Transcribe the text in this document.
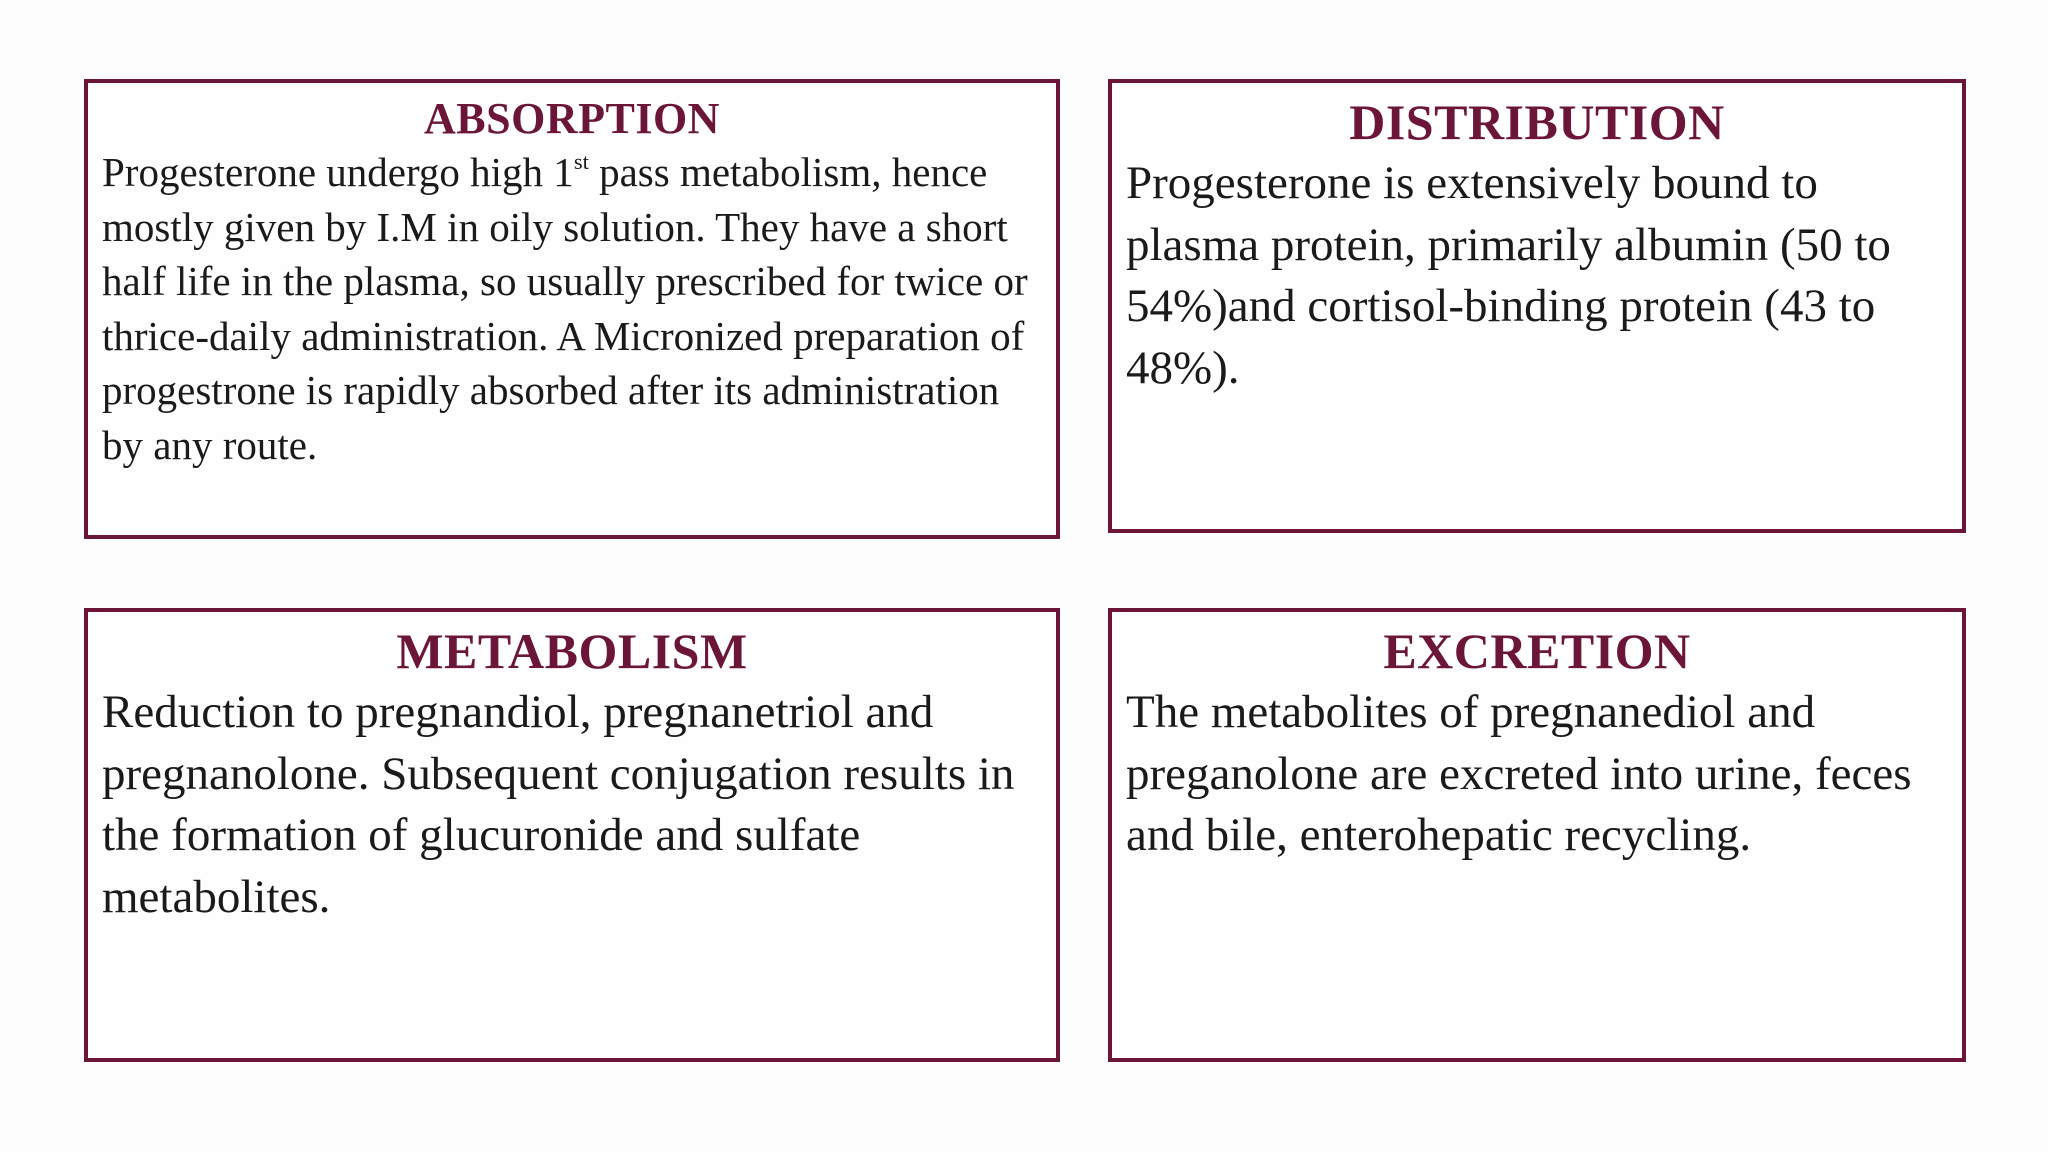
ABSORPTION
Progesterone undergo high 1st pass metabolism, hence mostly given by I.M in oily solution. They have a short half life in the plasma, so usually prescribed for twice or thrice-daily administration. A Micronized preparation of progestrone is rapidly absorbed after its administration by any route.
DISTRIBUTION
Progesterone is extensively bound to plasma protein, primarily albumin (50 to 54%)and cortisol-binding protein (43 to 48%).
METABOLISM
Reduction to pregnandiol, pregnanetriol and pregnanolone. Subsequent conjugation results in the formation of glucuronide and sulfate metabolites.
EXCRETION
The metabolites of pregnanediol and preganolone are excreted into urine, feces and bile, enterohepatic recycling.
